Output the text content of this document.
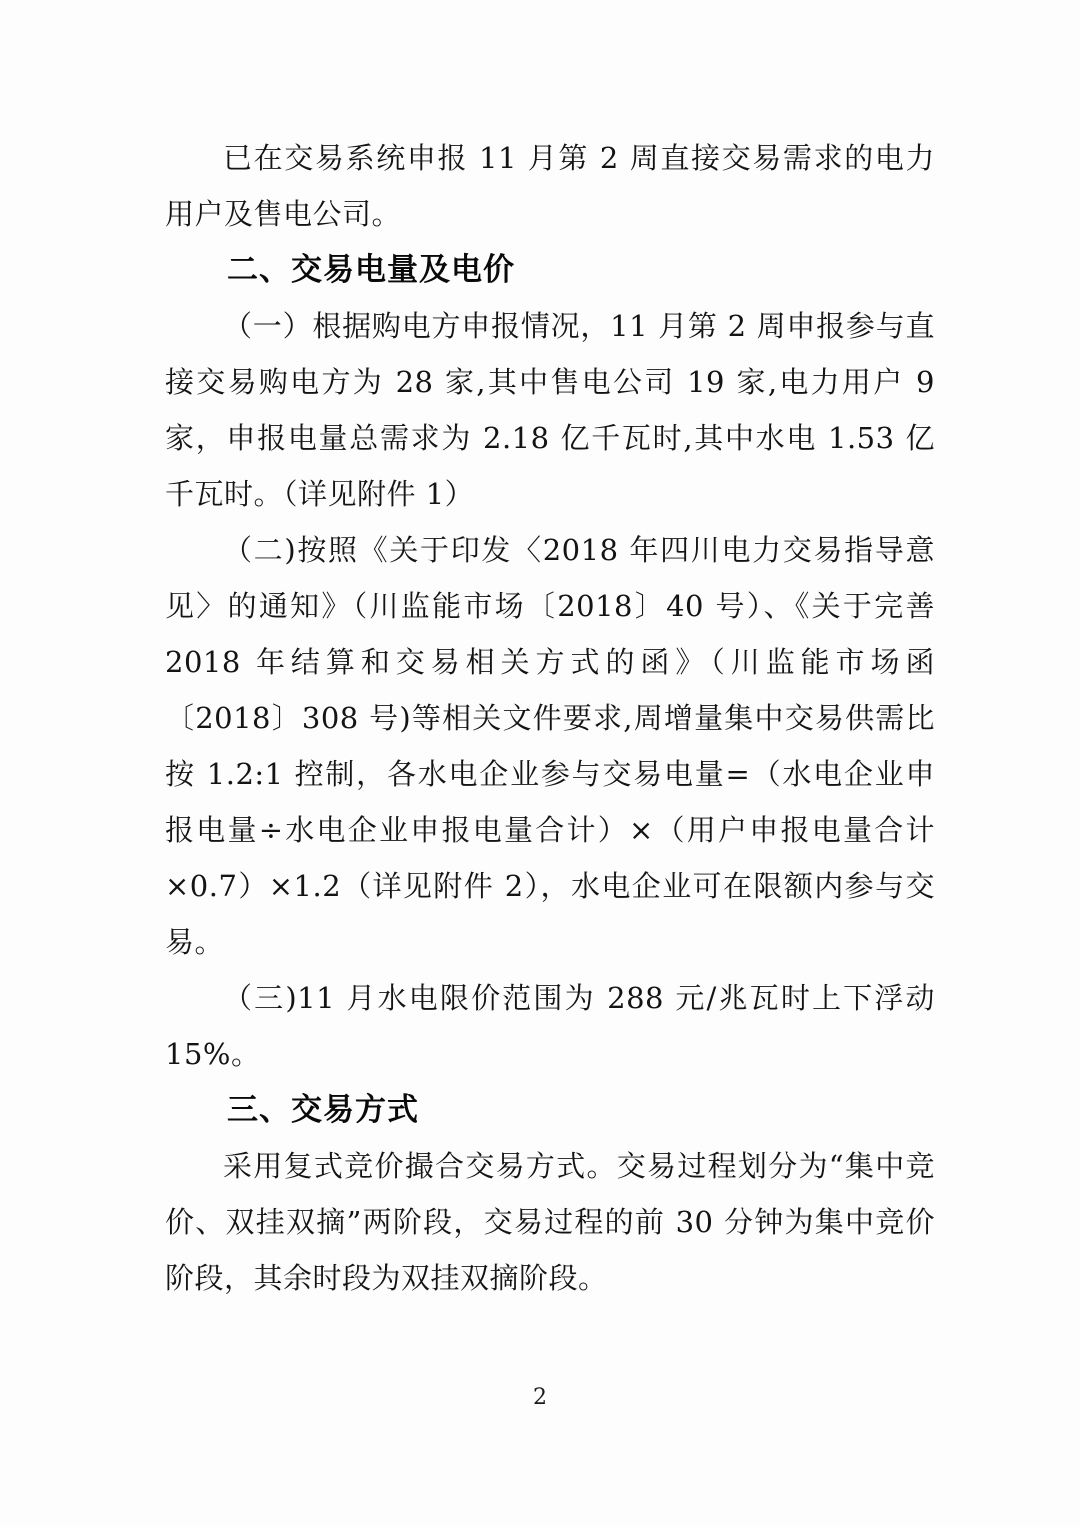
已在交易系统申报 11 月第 2 周直接交易需求的电力用户及售电公司。

二、交易电量及电价

（一）根据购电方申报情况，11 月第 2 周申报参与直接交易购电方为 28 家,其中售电公司 19 家,电力用户 9 家，申报电量总需求为 2.18 亿千瓦时,其中水电 1.53 亿千瓦时。（详见附件 1）

（二)按照《关于印发〈2018 年四川电力交易指导意见〉的通知》（川监能市场〔2018〕40 号）、《关于完善 2018 年结算和交易相关方式的函》（川监能市场函〔2018〕308 号)等相关文件要求,周增量集中交易供需比按 1.2:1 控制，各水电企业参与交易电量=（水电企业申报电量÷水电企业申报电量合计）×（用户申报电量合计×0.7）×1.2（详见附件 2），水电企业可在限额内参与交易。

（三)11 月水电限价范围为 288 元/兆瓦时上下浮动 15%。

三、交易方式

采用复式竞价撮合交易方式。交易过程划分为“集中竞价、双挂双摘”两阶段，交易过程的前 30 分钟为集中竞价阶段，其余时段为双挂双摘阶段。

2
